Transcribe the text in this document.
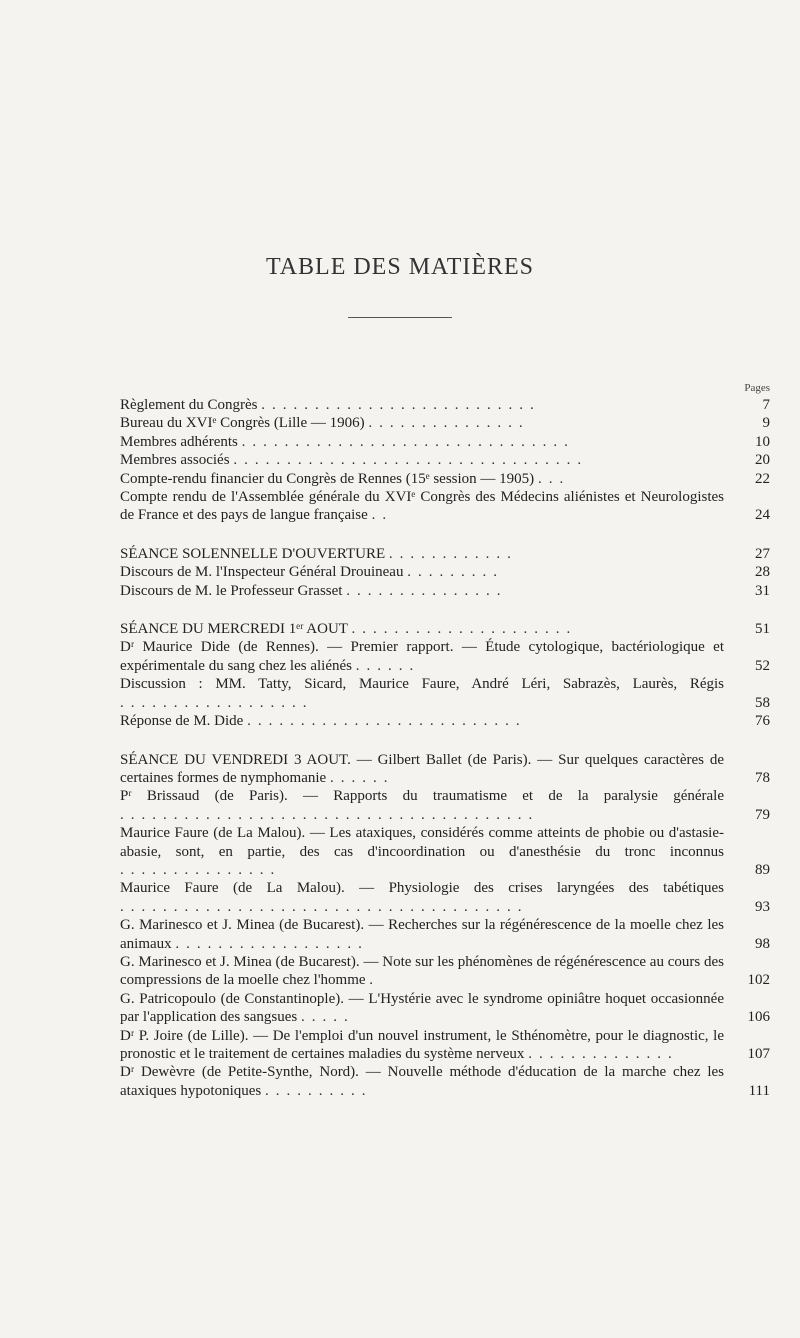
TABLE DES MATIÈRES
Pages
Règlement du Congrès ..........................	7
Bureau du XVIᵉ Congrès (Lille — 1906) ...............	9
Membres adhérents ...............................	10
Membres associés .................................	20
Compte-rendu financier du Congrès de Rennes (15ᵉ session — 1905) ...	22
Compte rendu de l'Assemblée générale du XVIᵉ Congrès des Médecins aliénistes et Neurologistes de France et des pays de langue française ..	24
SÉANCE SOLENNELLE D'OUVERTURE ............	27
Discours de M. l'Inspecteur Général Drouineau .........	28
Discours de M. le Professeur Grasset ...............	31
SÉANCE DU MERCREDI 1ᵉʳ AOUT .....................	51
Dʳ Maurice Dide (de Rennes). — Premier rapport. — Étude cytologique, bactériologique et expérimentale du sang chez les aliénés ......	52
Discussion : MM. Tatty, Sicard, Maurice Faure, André Léri, Sabrazès, Laurès, Régis ..................	58
Réponse de M. Dide ..........................	76
SÉANCE DU VENDREDI 3 AOUT. — Gilbert Ballet (de Paris). — Sur quelques caractères de certaines formes de nymphomanie ......	78
Pʳ Brissaud (de Paris). — Rapports du traumatisme et de la paralysie générale .......................................	79
Maurice Faure (de La Malou). — Les ataxiques, considérés comme atteints de phobie ou d'astasie-abasie, sont, en partie, des cas d'incoordination ou d'anesthésie du tronc inconnus ...............	89
Maurice Faure (de La Malou). — Physiologie des crises laryngées des tabétiques ......................................	93
G. Marinesco et J. Minea (de Bucarest). — Recherches sur la régénérescence de la moelle chez les animaux ..................	98
G. Marinesco et J. Minea (de Bucarest). — Note sur les phénomènes de régénérescence au cours des compressions de la moelle chez l'homme .	102
G. Patricopoulo (de Constantinople). — L'Hystérie avec le syndrome opiniâtre hoquet occasionnée par l'application des sangsues .....	106
Dʳ P. Joire (de Lille). — De l'emploi d'un nouvel instrument, le Sthénomètre, pour le diagnostic, le pronostic et le traitement de certaines maladies du système nerveux ..............	107
Dʳ Dewèvre (de Petite-Synthe, Nord). — Nouvelle méthode d'éducation de la marche chez les ataxiques hypotoniques ..........	111
